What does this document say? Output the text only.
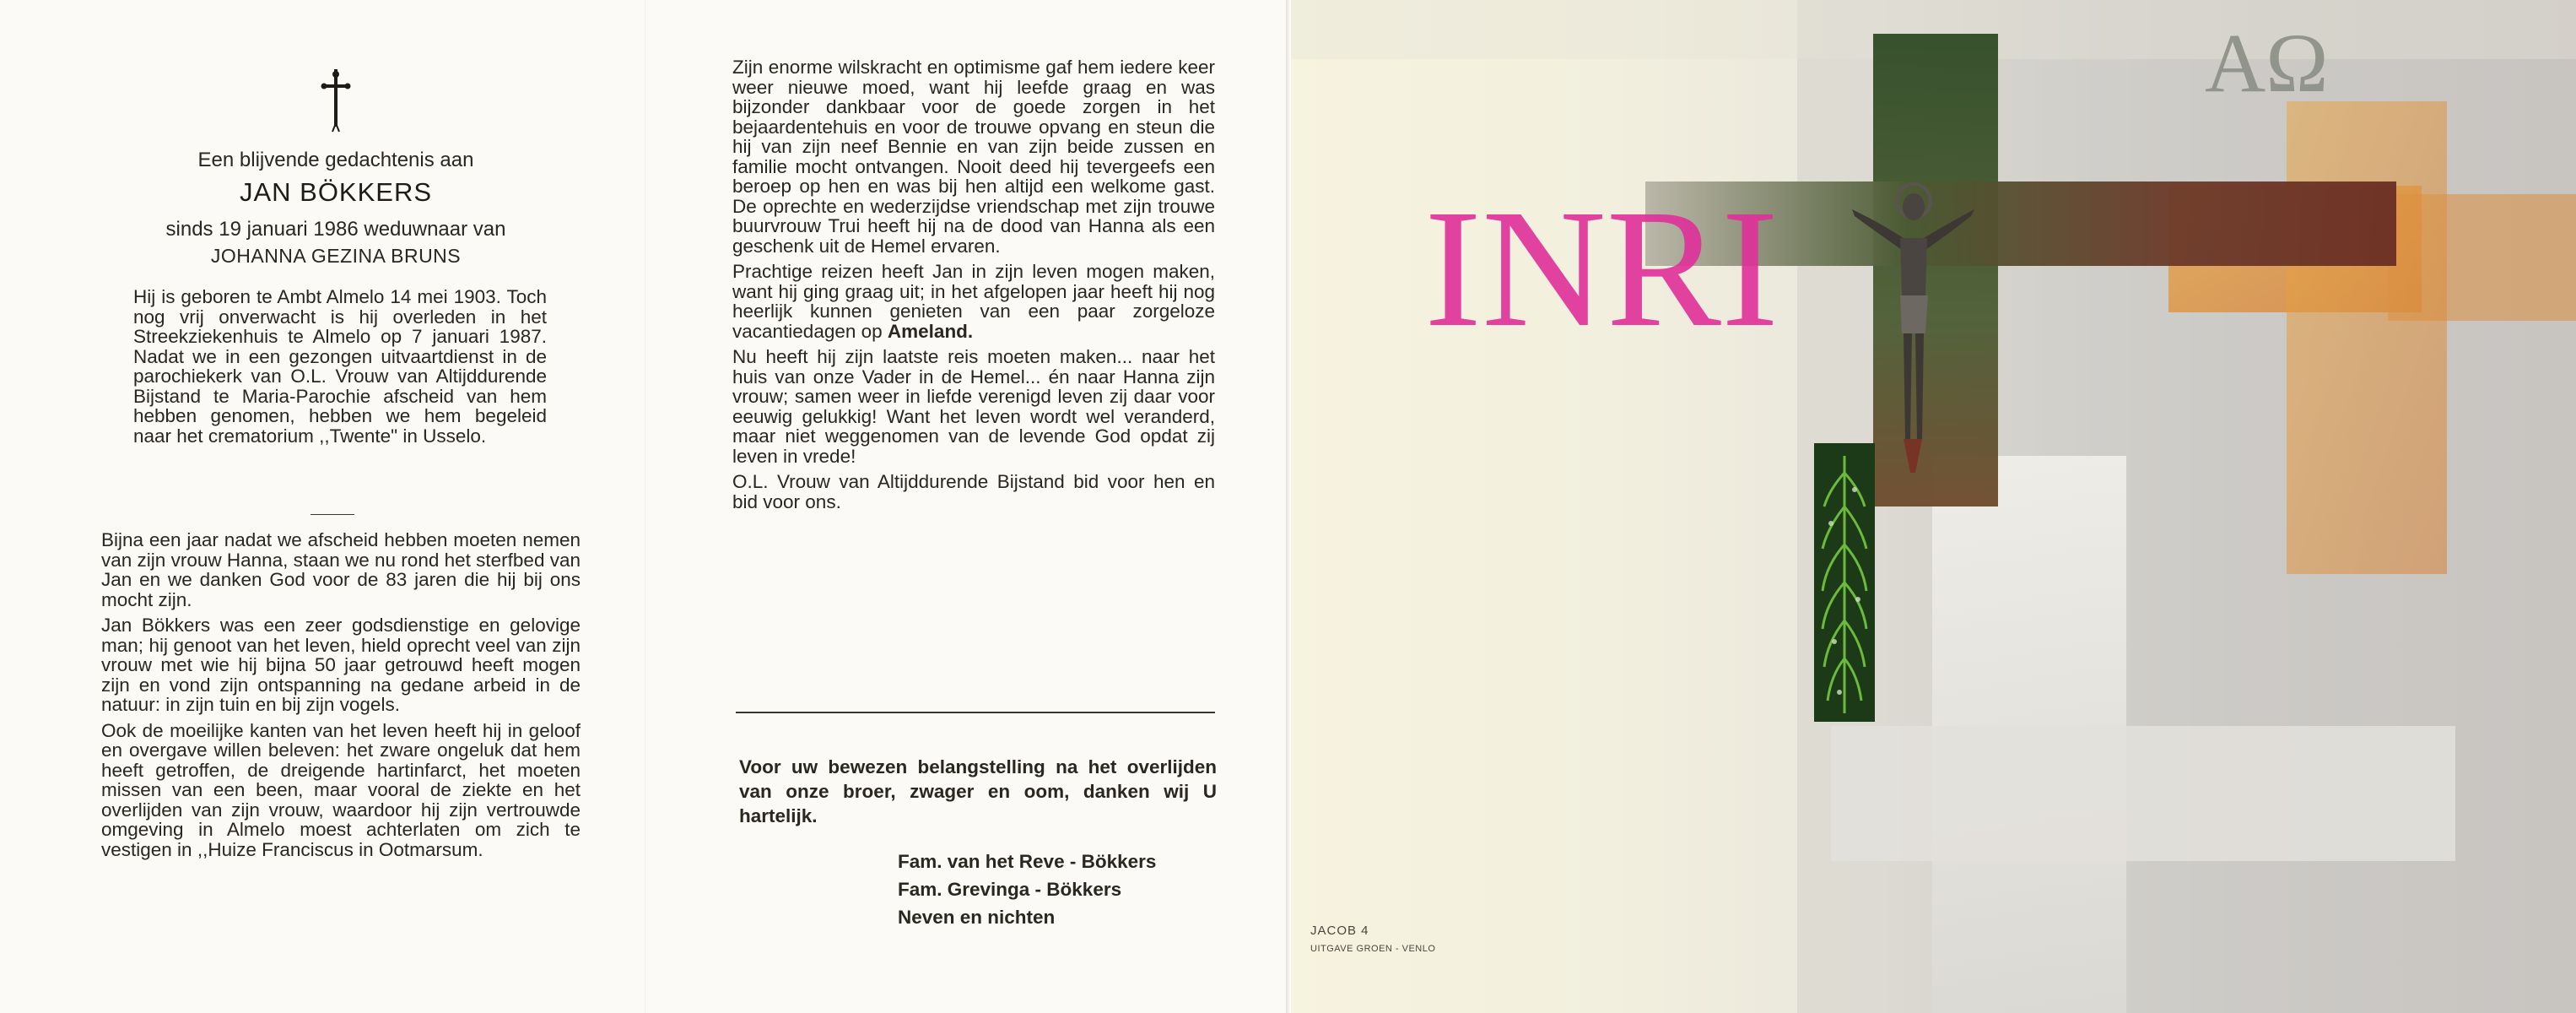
Een blijvende gedachtenis aan
JAN BÖKKERS
sinds 19 januari 1986 weduwnaar van
JOHANNA GEZINA BRUNS

Hij is geboren te Ambt Almelo 14 mei 1903. Toch nog vrij onverwacht is hij overleden in het Streekziekenhuis te Almelo op 7 januari 1987. Nadat we in een gezongen uitvaartdienst in de parochiekerk van O.L. Vrouw van Altijddurende Bijstand te Maria-Parochie afscheid van hem hebben genomen, hebben we hem begeleid naar het crematorium ,,Twente" in Usselo.

Bijna een jaar nadat we afscheid hebben moeten nemen van zijn vrouw Hanna, staan we nu rond het sterfbed van Jan en we danken God voor de 83 jaren die hij bij ons mocht zijn.

Jan Bökkers was een zeer godsdienstige en gelovige man; hij genoot van het leven, hield oprecht veel van zijn vrouw met wie hij bijna 50 jaar getrouwd heeft mogen zijn en vond zijn ontspanning na gedane arbeid in de natuur: in zijn tuin en bij zijn vogels.

Ook de moeilijke kanten van het leven heeft hij in geloof en overgave willen beleven: het zware ongeluk dat hem heeft getroffen, de dreigende hartinfarct, het moeten missen van een been, maar vooral de ziekte en het overlijden van zijn vrouw, waardoor hij zijn vertrouwde omgeving in Almelo moest achterlaten om zich te vestigen in ,,Huize Franciscus in Ootmarsum.

Zijn enorme wilskracht en optimisme gaf hem iedere keer weer nieuwe moed, want hij leefde graag en was bijzonder dankbaar voor de goede zorgen in het bejaardentehuis en voor de trouwe opvang en steun die hij van zijn neef Bennie en van zijn beide zussen en familie mocht ontvangen. Nooit deed hij tevergeefs een beroep op hen en was bij hen altijd een welkome gast. De oprechte en wederzijdse vriendschap met zijn trouwe buurvrouw Trui heeft hij na de dood van Hanna als een geschenk uit de Hemel ervaren.

Prachtige reizen heeft Jan in zijn leven mogen maken, want hij ging graag uit; in het afgelopen jaar heeft hij nog heerlijk kunnen genieten van een paar zorgeloze vacantiedagen op Ameland.

Nu heeft hij zijn laatste reis moeten maken... naar het huis van onze Vader in de Hemel... én naar Hanna zijn vrouw; samen weer in liefde verenigd leven zij daar voor eeuwig gelukkig! Want het leven wordt wel veranderd, maar niet weggenomen van de levende God opdat zij leven in vrede!

O.L. Vrouw van Altijddurende Bijstand bid voor hen en bid voor ons.

Voor uw bewezen belangstelling na het overlijden van onze broer, zwager en oom, danken wij U hartelijk.
Fam. van het Reve - Bökkers
Fam. Grevinga - Bökkers
Neven en nichten
AΩ
INRI
JACOB 4
UITGAVE GROEN - VENLO
